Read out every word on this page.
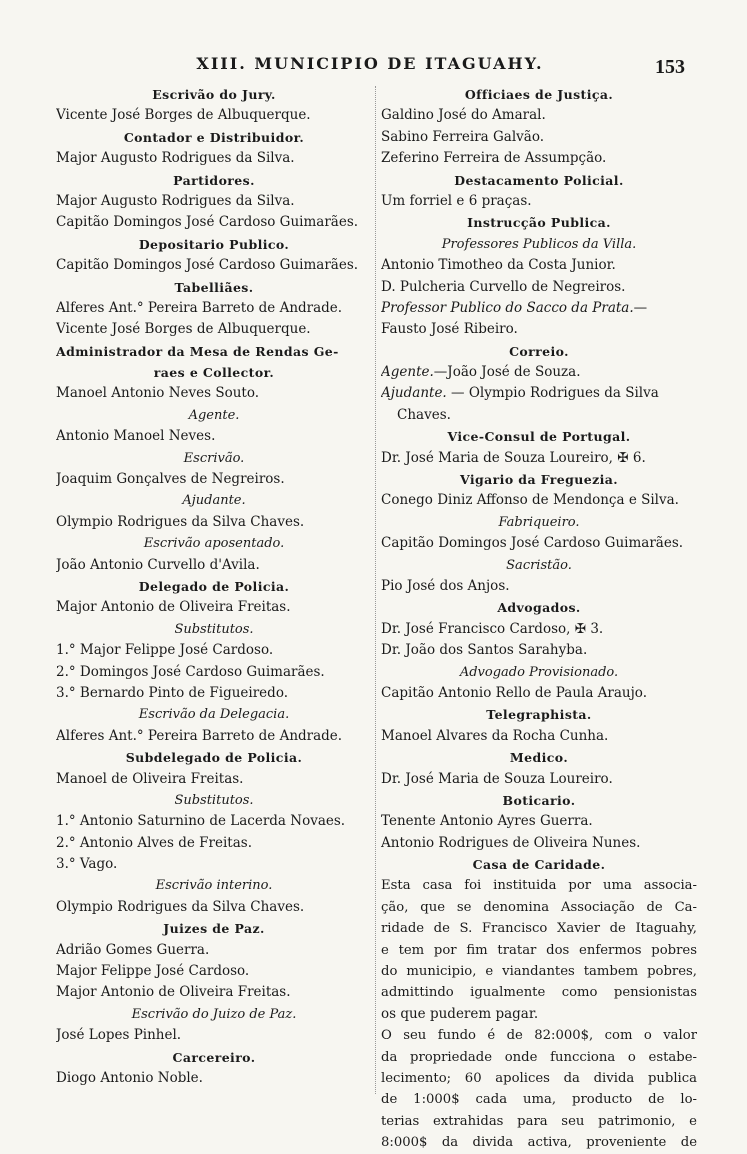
XIII. MUNICIPIO DE ITAGUAHY.	153
Escrivão do Jury.
Vicente José Borges de Albuquerque.
Contador e Distribuidor.
Major Augusto Rodrigues da Silva.
Partidores.
Major Augusto Rodrigues da Silva.
Capitão Domingos José Cardoso Guimarães.
Depositario Publico.
Capitão Domingos José Cardoso Guimarães.
Tabelliães.
Alferes Ant.° Pereira Barreto de Andrade.
Vicente José Borges de Albuquerque.
Administrador da Mesa de Rendas Ge-
raes e Collector.
Manoel Antonio Neves Souto.
Agente.
Antonio Manoel Neves.
Escrivão.
Joaquim Gonçalves de Negreiros.
Ajudante.
Olympio Rodrigues da Silva Chaves.
Escrivão aposentado.
João Antonio Curvello d'Avila.
Delegado de Policia.
Major Antonio de Oliveira Freitas.
Substitutos.
1.° Major Felippe José Cardoso.
2.° Domingos José Cardoso Guimarães.
3.° Bernardo Pinto de Figueiredo.
Escrivão da Delegacia.
Alferes Ant.° Pereira Barreto de Andrade.
Subdelegado de Policia.
Manoel de Oliveira Freitas.
Substitutos.
1.° Antonio Saturnino de Lacerda Novaes.
2.° Antonio Alves de Freitas.
3.° Vago.
Escrivão interino.
Olympio Rodrigues da Silva Chaves.
Juizes de Paz.
Adrião Gomes Guerra.
Major Felippe José Cardoso.
Major Antonio de Oliveira Freitas.
Escrivão do Juizo de Paz.
José Lopes Pinhel.
Carcereiro.
Diogo Antonio Noble.
Officiaes de Justiça.
Galdino José do Amaral.
Sabino Ferreira Galvão.
Zeferino Ferreira de Assumpção.
Destacamento Policial.
Um forriel e 6 praças.
Instrucção Publica.
Professores Publicos da Villa.
Antonio Timotheo da Costa Junior.
D. Pulcheria Curvello de Negreiros.
Professor Publico do Sacco da Prata.—
Fausto José Ribeiro.
Correio.
Agente.—João José de Souza.
Ajudante. — Olympio Rodrigues da Silva
Chaves.
Vice-Consul de Portugal.
Dr. José Maria de Souza Loureiro, ✠ 6.
Vigario da Freguezia.
Conego Diniz Affonso de Mendonça e Silva.
Fabriqueiro.
Capitão Domingos José Cardoso Guimarães.
Sacristão.
Pio José dos Anjos.
Advogados.
Dr. José Francisco Cardoso, ✠ 3.
Dr. João dos Santos Sarahyba.
Advogado Provisionado.
Capitão Antonio Rello de Paula Araujo.
Telegraphista.
Manoel Alvares da Rocha Cunha.
Medico.
Dr. José Maria de Souza Loureiro.
Boticario.
Tenente Antonio Ayres Guerra.
Antonio Rodrigues de Oliveira Nunes.
Casa de Caridade.
Esta casa foi instituida por uma associa-
ção, que se denomina Associação de Ca-
ridade de S. Francisco Xavier de Itaguahy,
e tem por fim tratar dos enfermos pobres
do municipio, e viandantes tambem pobres,
admittindo igualmente como pensionistas
os que puderem pagar.
O seu fundo é de 82:000$, com o valor
da propriedade onde funcciona o estabe-
lecimento; 60 apolices da divida publica
de 1:000$ cada uma, producto de lo-
terias extrahidas para seu patrimonio, e
8:000$ da divida activa, proveniente de
